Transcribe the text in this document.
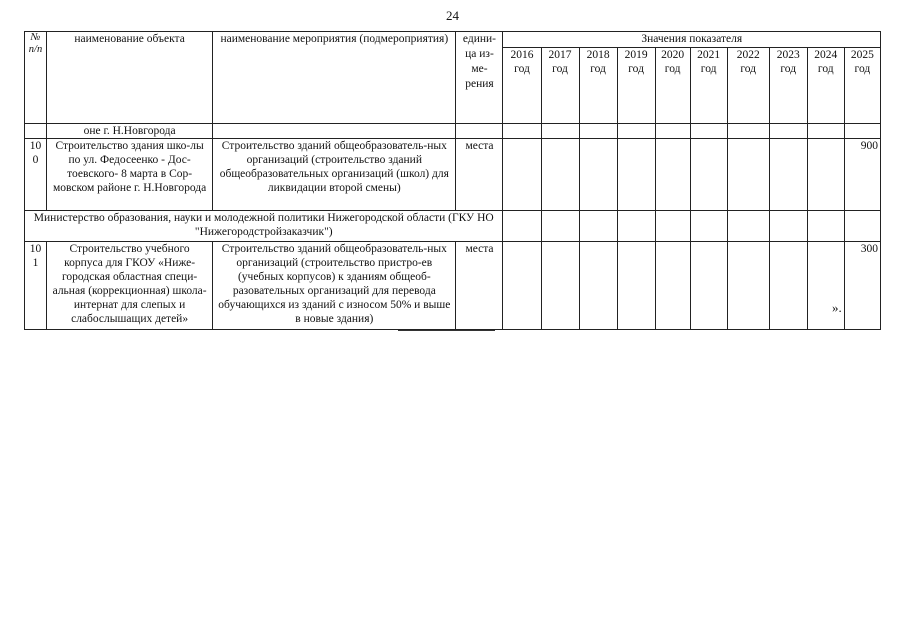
24
№ п/п	наименование объекта	наименование мероприятия (подмероприятия)	едини-ца из-ме-рения	Значения показателя									
				2016 год	2017 год	2018 год	2019 год	2020 год	2021 год	2022 год	2023 год	2024 год	2025 год
	оне г. Н.Новгорода												
10 0	Строительство здания шко-лы по ул. Федосеенко - Дос-тоевского- 8 марта в Сор-мовском районе г. Н.Новгорода	Строительство зданий общеобразователь-ных организаций (строительство зданий общеобразовательных организаций (школ) для ликвидации второй смены)	места										900
Министерство образования, науки и молодежной политики Нижегородской области (ГКУ НО "Нижегородстройзаказчик")													
10 1	Строительство учебного корпуса для ГКОУ «Ниже-городская областная специ-альная (коррекционная) школа-интернат для слепых и слабослышащих детей»	Строительство зданий общеобразователь-ных организаций (строительство пристро-ев (учебных корпусов) к зданиям общеоб-разовательных организаций для перевода обучающихся из зданий с износом 50% и выше в новые здания)	места										300
».
